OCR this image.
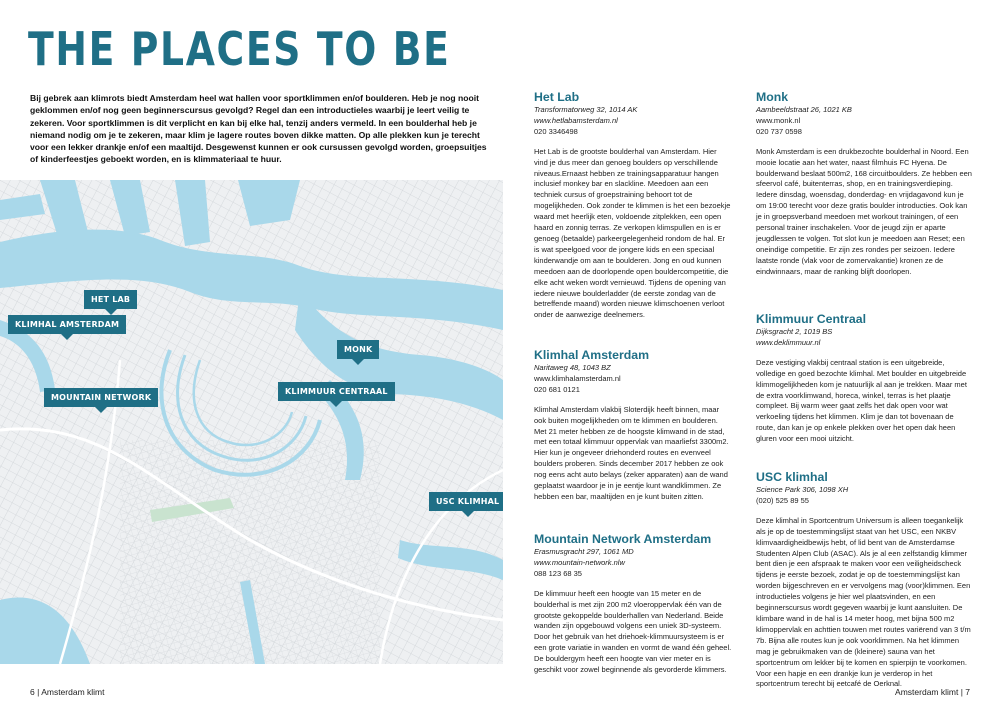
THE PLACES TO BE

Bij gebrek aan klimrots biedt Amsterdam heel wat hallen voor sportklimmen en/of boulderen. Heb je nog nooit geklommen en/of nog geen beginnerscursus gevolgd? Regel dan een introductieles waarbij je leert veilig te zekeren. Voor sportklimmen is dit verplicht en kan bij elke hal, tenzij anders vermeld. In een boulderhal heb je niemand nodig om je te zekeren, maar klim je lagere routes boven dikke matten. Op alle plekken kun je terecht voor een lekker drankje en/of een maaltijd. Desgewenst kunnen er ook cursussen gevolgd worden, groepsuitjes of kinderfeestjes geboekt worden, en is klimmateriaal te huur.

HET LAB
KLIMHAL AMSTERDAM
MOUNTAIN NETWORK
KLIMMUUR CENTRAAL
MONK
USC KLIMHAL
Het Lab
Transformatorweg 32, 1014 AK
www.hetlabamsterdam.nl
020 3346498

Het Lab is de grootste boulderhal van Amsterdam. Hier vind je dus meer dan genoeg boulders op verschillende niveaus.Ernaast hebben ze trainingsapparatuur hangen inclusief monkey bar en slackline. Meedoen aan een techniek cursus of groepstraining behoort tot de mogelijkheden. Ook zonder te klimmen is het een bezoekje waard met heerlijk eten, voldoende zitplekken, een open haard en zonnig terras. Ze verkopen klimspullen en is er genoeg (betaalde) parkeergelegenheid rondom de hal. Er is wat speelgoed voor de jongere kids en een speciaal kinderwandje om aan te boulderen. Jong en oud kunnen meedoen aan de doorlopende open bouldercompetitie, die elke acht weken wordt vernieuwd. Tijdens de opening van iedere nieuwe boulderladder (de eerste zondag van de betreffende maand) worden nieuwe klimschoenen verloot onder de aanwezige deelnemers.

Klimhal Amsterdam
Naritaweg 48, 1043 BZ
www.klimhalamsterdam.nl
020 681 0121

Klimhal Amsterdam vlakbij Sloterdijk heeft binnen, maar ook buiten mogelijkheden om te klimmen en boulderen. Met 21 meter hebben ze de hoogste klimwand in de stad, met een totaal klimmuur oppervlak van maarliefst 3300m2. Hier kun je ongeveer driehonderd routes en evenveel boulders proberen. Sinds december 2017 hebben ze ook nog eens acht auto belays (zeker apparaten) aan de wand geplaatst waardoor je in je eentje kunt wandklimmen. Ze hebben een bar, maaltijden en je kunt buiten zitten.

Mountain Network Amsterdam
Erasmusgracht 297, 1061 MD
www.mountain-network.nlw
088 123 68 35

De klimmuur heeft een hoogte van 15 meter en de boulderhal is met zijn 200 m2 vloeroppervlak één van de grootste gekoppelde boulderhallen van Nederland. Beide wanden zijn opgebouwd volgens een uniek 3D-systeem. Door het gebruik van het driehoek-klimmuursysteem is er een grote variatie in wanden en vormt de wand één geheel. De bouldergym heeft een hoogte van vier meter en is geschikt voor zowel beginnende als gevorderde klimmers.

Monk
Aambeeldstraat 26, 1021 KB
www.monk.nl
020 737 0598

Monk Amsterdam is een drukbezochte boulderhal in Noord. Een mooie locatie aan het water, naast filmhuis FC Hyena. De boulderwand beslaat 500m2, 168 circuitboulders. Ze hebben een sfeervol café, buitenterras, shop, en en trainingsverdieping. Iedere dinsdag, woensdag, donderdag- en vrijdagavond kun je om 19:00 terecht voor deze gratis boulder introducties. Ook kan je in groepsverband meedoen met workout trainingen, of een personal trainer inschakelen. Voor de jeugd zijn er aparte jeugdlessen te volgen. Tot slot kun je meedoen aan Reset; een oneindige competitie. Er zijn zes rondes per seizoen. Iedere laatste ronde (vlak voor de zomervakantie) kronen ze de eindwinnaars, maar de ranking blijft doorlopen.

Klimmuur Centraal
Dijksgracht 2, 1019 BS
www.deklimmuur.nl

Deze vestiging vlakbij centraal station is een uitgebreide, volledige en goed bezochte klimhal. Met boulder en uitgebreide klimmogelijkheden kom je natuurlijk al aan je trekken. Maar met de extra voorklimwand, horeca, winkel, terras is het plaatje compleet. Bij warm weer gaat zelfs het dak open voor wat verkoeling tijdens het klimmen. Klim je dan tot bovenaan de route, dan kan je op enkele plekken over het open dak heen gluren voor een mooi uitzicht.

USC klimhal
Science Park 306, 1098 XH
(020) 525 89 55

Deze klimhal in Sportcentrum Universum is alleen toegankelijk als je op de toestemmingslijst staat van het USC, een NKBV klimvaardigheidbewijs hebt, of lid bent van de Amsterdamse Studenten Alpen Club (ASAC). Als je al een zelfstandig klimmer bent dien je een afspraak te maken voor een veiligheidscheck tijdens je eerste bezoek, zodat je op de toestemmingslijst kan worden bijgeschreven en er vervolgens mag (voor)klimmen. Een introductieles volgens je hier wel plaatsvinden, en een beginnerscursus wordt gegeven waarbij je kunt aansluiten. De klimbare wand in de hal is 14 meter hoog, met bijna 500 m2 klimoppervlak en achttien touwen met routes variërend van 3 t/m 7b. Bijna alle routes kun je ook voorklimmen. Na het klimmen mag je gebruikmaken van de (kleinere) sauna van het sportcentrum om lekker bij te komen en spierpijn te voorkomen. Voor een hapje en een drankje kun je verderop in het sportcentrum terecht bij eetcafé de Oerknal.

6 | Amsterdam klimt	Amsterdam klimt | 7
